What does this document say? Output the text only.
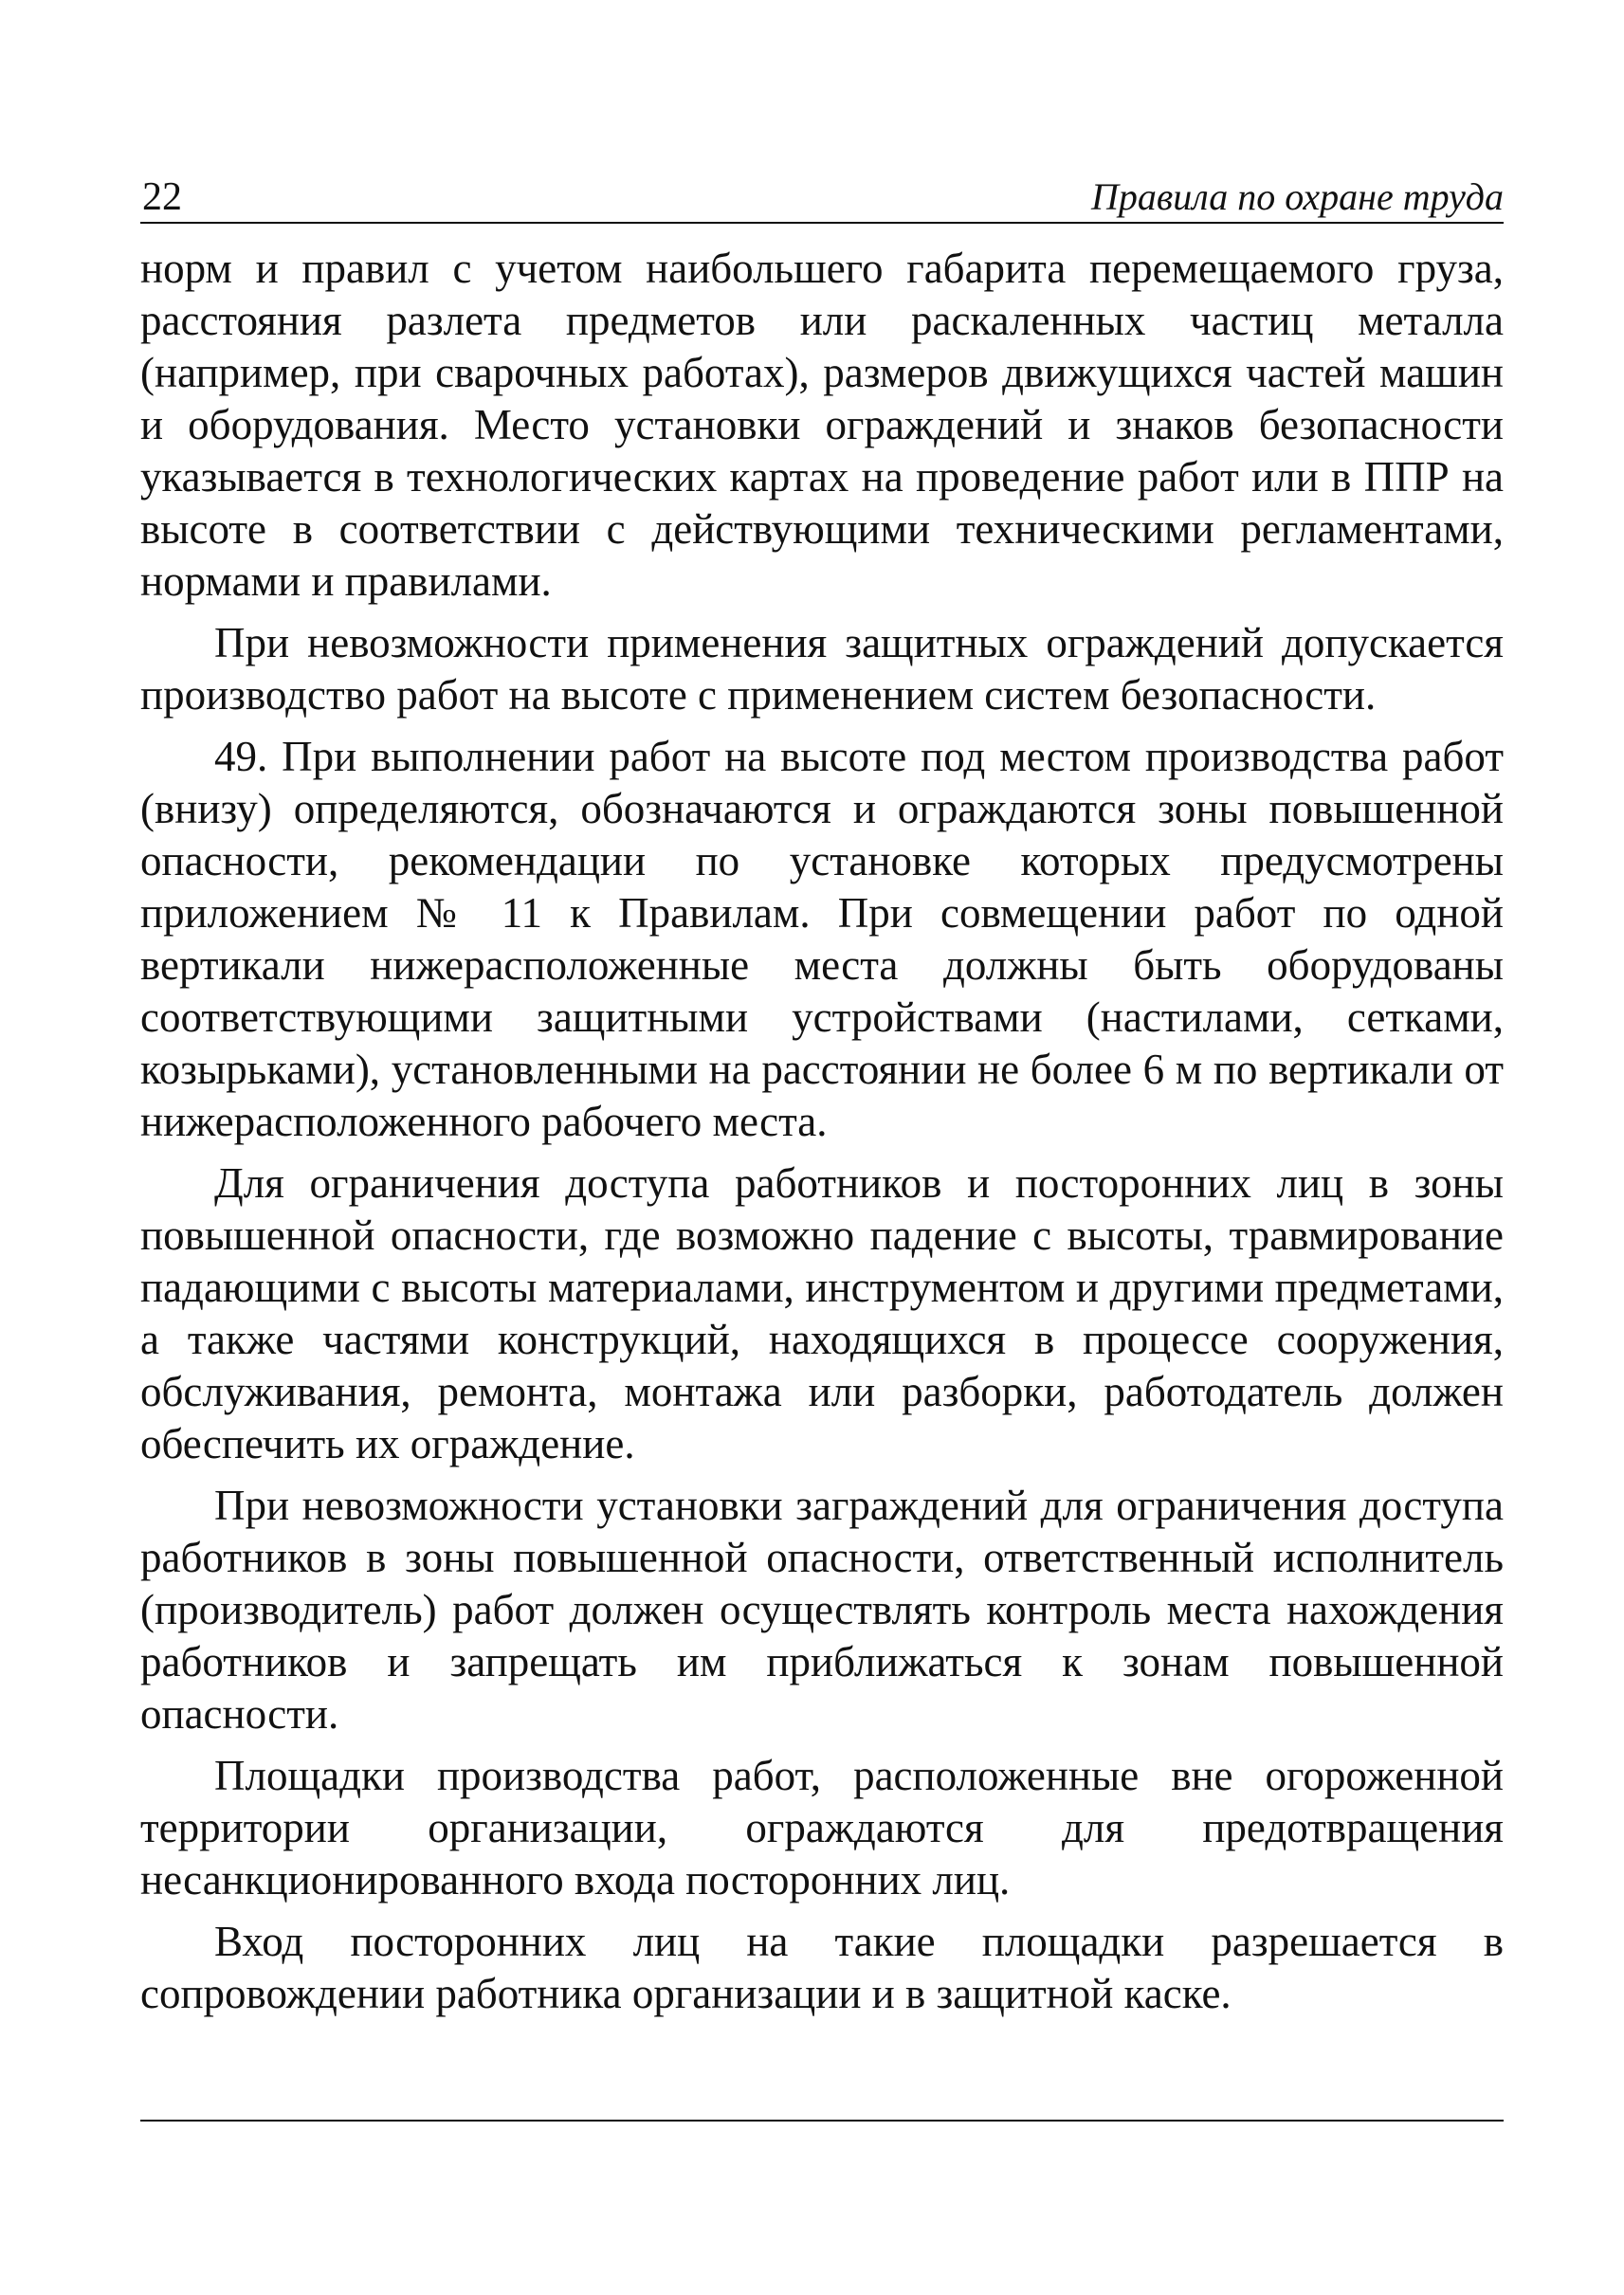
22	Правила по охране труда

норм и правил с учетом наибольшего габарита перемещаемого груза, расстояния разлета предметов или раскаленных частиц металла (например, при сварочных работах), размеров движущихся частей машин и оборудования. Место установки ограждений и знаков безопасности указывается в технологических картах на проведение работ или в ППР на высоте в соответствии с действующими техническими регламентами, нормами и правилами.

При невозможности применения защитных ограждений допускается производство работ на высоте с применением систем безопасности.

49. При выполнении работ на высоте под местом производства работ (внизу) определяются, обозначаются и ограждаются зоны повышенной опасности, рекомендации по установке которых предусмотрены приложением № 11 к Правилам. При совмещении работ по одной вертикали нижерасположенные места должны быть оборудованы соответствующими защитными устройствами (настилами, сетками, козырьками), установленными на расстоянии не более 6 м по вертикали от нижерасположенного рабочего места.

Для ограничения доступа работников и посторонних лиц в зоны повышенной опасности, где возможно падение с высоты, травмирование падающими с высоты материалами, инструментом и другими предметами, а также частями конструкций, находящихся в процессе сооружения, обслуживания, ремонта, монтажа или разборки, работодатель должен обеспечить их ограждение.

При невозможности установки заграждений для ограничения доступа работников в зоны повышенной опасности, ответственный исполнитель (производитель) работ должен осуществлять контроль места нахождения работников и запрещать им приближаться к зонам повышенной опасности.

Площадки производства работ, расположенные вне огороженной территории организации, ограждаются для предотвращения несанкционированного входа посторонних лиц.

Вход посторонних лиц на такие площадки разрешается в сопровождении работника организации и в защитной каске.
